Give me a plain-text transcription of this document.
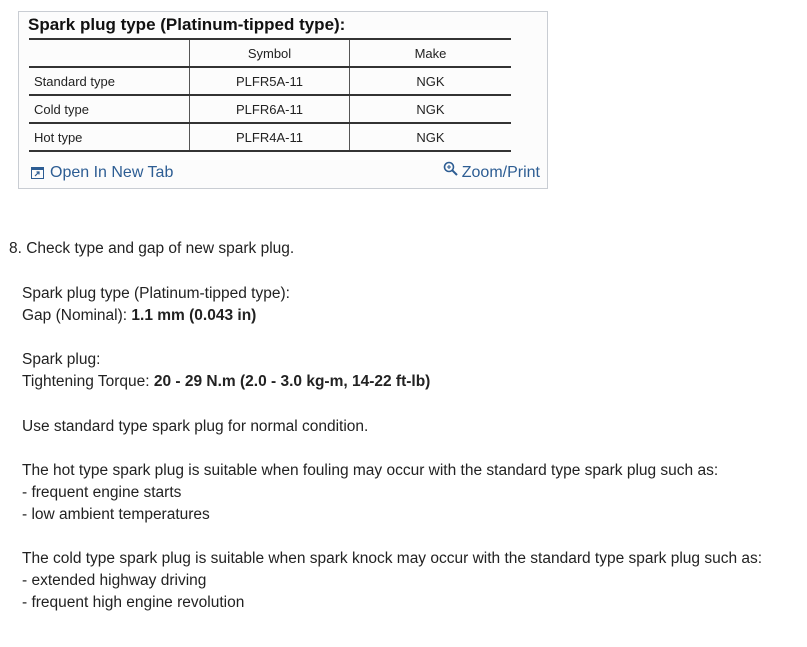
Spark plug type (Platinum-tipped type):
	Symbol	Make
Standard type	PLFR5A-11	NGK
Cold type	PLFR6A-11	NGK
Hot type	PLFR4A-11	NGK
Open In New Tab	Zoom/Print
8. Check type and gap of new spark plug.
Spark plug type (Platinum-tipped type):
Gap (Nominal): 1.1 mm (0.043 in)
Spark plug:
Tightening Torque: 20 - 29 N.m (2.0 - 3.0 kg-m, 14-22 ft-lb)
Use standard type spark plug for normal condition.
The hot type spark plug is suitable when fouling may occur with the standard type spark plug such as:
- frequent engine starts
- low ambient temperatures
The cold type spark plug is suitable when spark knock may occur with the standard type spark plug such as:
- extended highway driving
- frequent high engine revolution
